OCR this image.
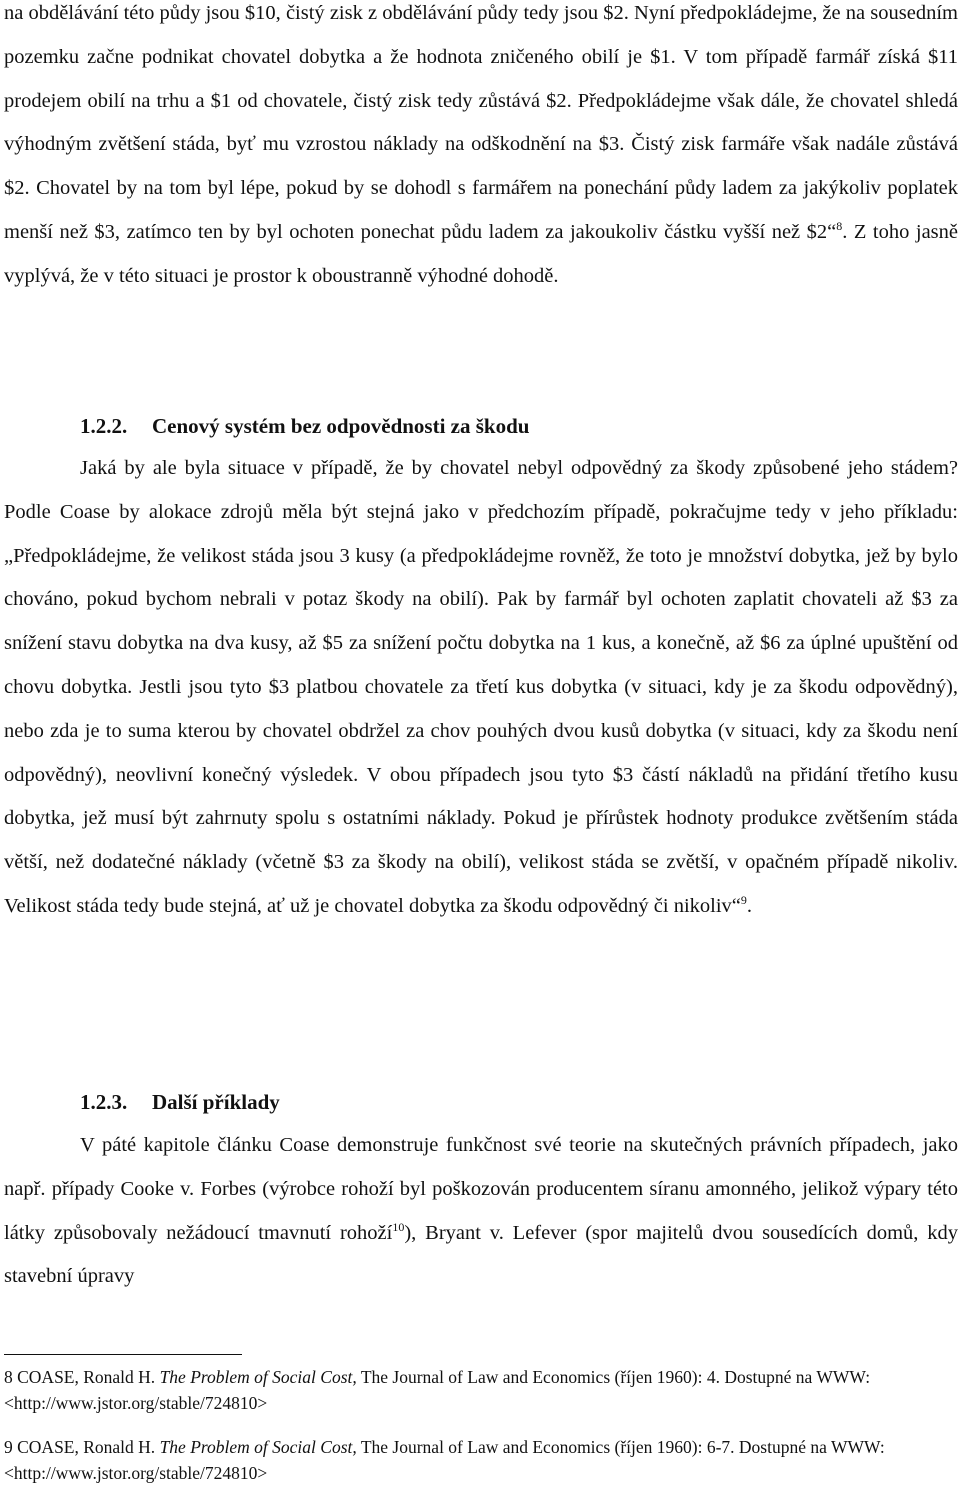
na obdělávání této půdy jsou $10, čistý zisk z obdělávání půdy tedy jsou $2. Nyní předpokládejme, že na sousedním pozemku začne podnikat chovatel dobytka a že hodnota zničeného obilí je $1. V tom případě farmář získá $11 prodejem obilí na trhu a $1 od chovatele, čistý zisk tedy zůstává $2. Předpokládejme však dále, že chovatel shledá výhodným zvětšení stáda, byť mu vzrostou náklady na odškodnění na $3. Čistý zisk farmáře však nadále zůstává $2. Chovatel by na tom byl lépe, pokud by se dohodl s farmářem na ponechání půdy ladem za jakýkoliv poplatek menší než $3, zatímco ten by byl ochoten ponechat půdu ladem za jakoukoliv částku vyšší než $2“$^8$. Z toho jasně vyplývá, že v této situaci je prostor k oboustranně výhodné dohodě.

1.2.2. Cenový systém bez odpovědnosti za škodu

Jaká by ale byla situace v případě, že by chovatel nebyl odpovědný za škody způsobené jeho stádem? Podle Coase by alokace zdrojů měla být stejná jako v předchozím případě, pokračujme tedy v jeho příkladu: „Předpokládejme, že velikost stáda jsou 3 kusy (a předpokládejme rovněž, že toto je množství dobytka, jež by bylo chováno, pokud bychom nebrali v potaz škody na obilí). Pak by farmář byl ochoten zaplatit chovateli až $3 za snížení stavu dobytka na dva kusy, až $5 za snížení počtu dobytka na 1 kus, a konečně, až $6 za úplné upuštění od chovu dobytka. Jestli jsou tyto $3 platbou chovatele za třetí kus dobytka (v situaci, kdy je za škodu odpovědný), nebo zda je to suma kterou by chovatel obdržel za chov pouhých dvou kusů dobytka (v situaci, kdy za škodu není odpovědný), neovlivní konečný výsledek. V obou případech jsou tyto $3 částí nákladů na přidání třetího kusu dobytka, jež musí být zahrnuty spolu s ostatními náklady. Pokud je přírůstek hodnoty produkce zvětšením stáda větší, než dodatečné náklady (včetně $3 za škody na obilí), velikost stáda se zvětší, v opačném případě nikoliv. Velikost stáda tedy bude stejná, ať už je chovatel dobytka za škodu odpovědný či nikoliv“$^9$.

1.2.3. Další příklady

V páté kapitole článku Coase demonstruje funkčnost své teorie na skutečných právních případech, jako např. případy Cooke v. Forbes (výrobce rohoží byl poškozován producentem síranu amonného, jelikož výpary této látky způsobovaly nežádoucí tmavnutí rohoží$^{10}$), Bryant v. Lefever (spor majitelů dvou sousedících domů, kdy stavební úpravy

8 COASE, Ronald H. The Problem of Social Cost, The Journal of Law and Economics (říjen 1960): 4. Dostupné na WWW: <http://www.jstor.org/stable/724810>

9 COASE, Ronald H. The Problem of Social Cost, The Journal of Law and Economics (říjen 1960): 6-7. Dostupné na WWW: <http://www.jstor.org/stable/724810>
